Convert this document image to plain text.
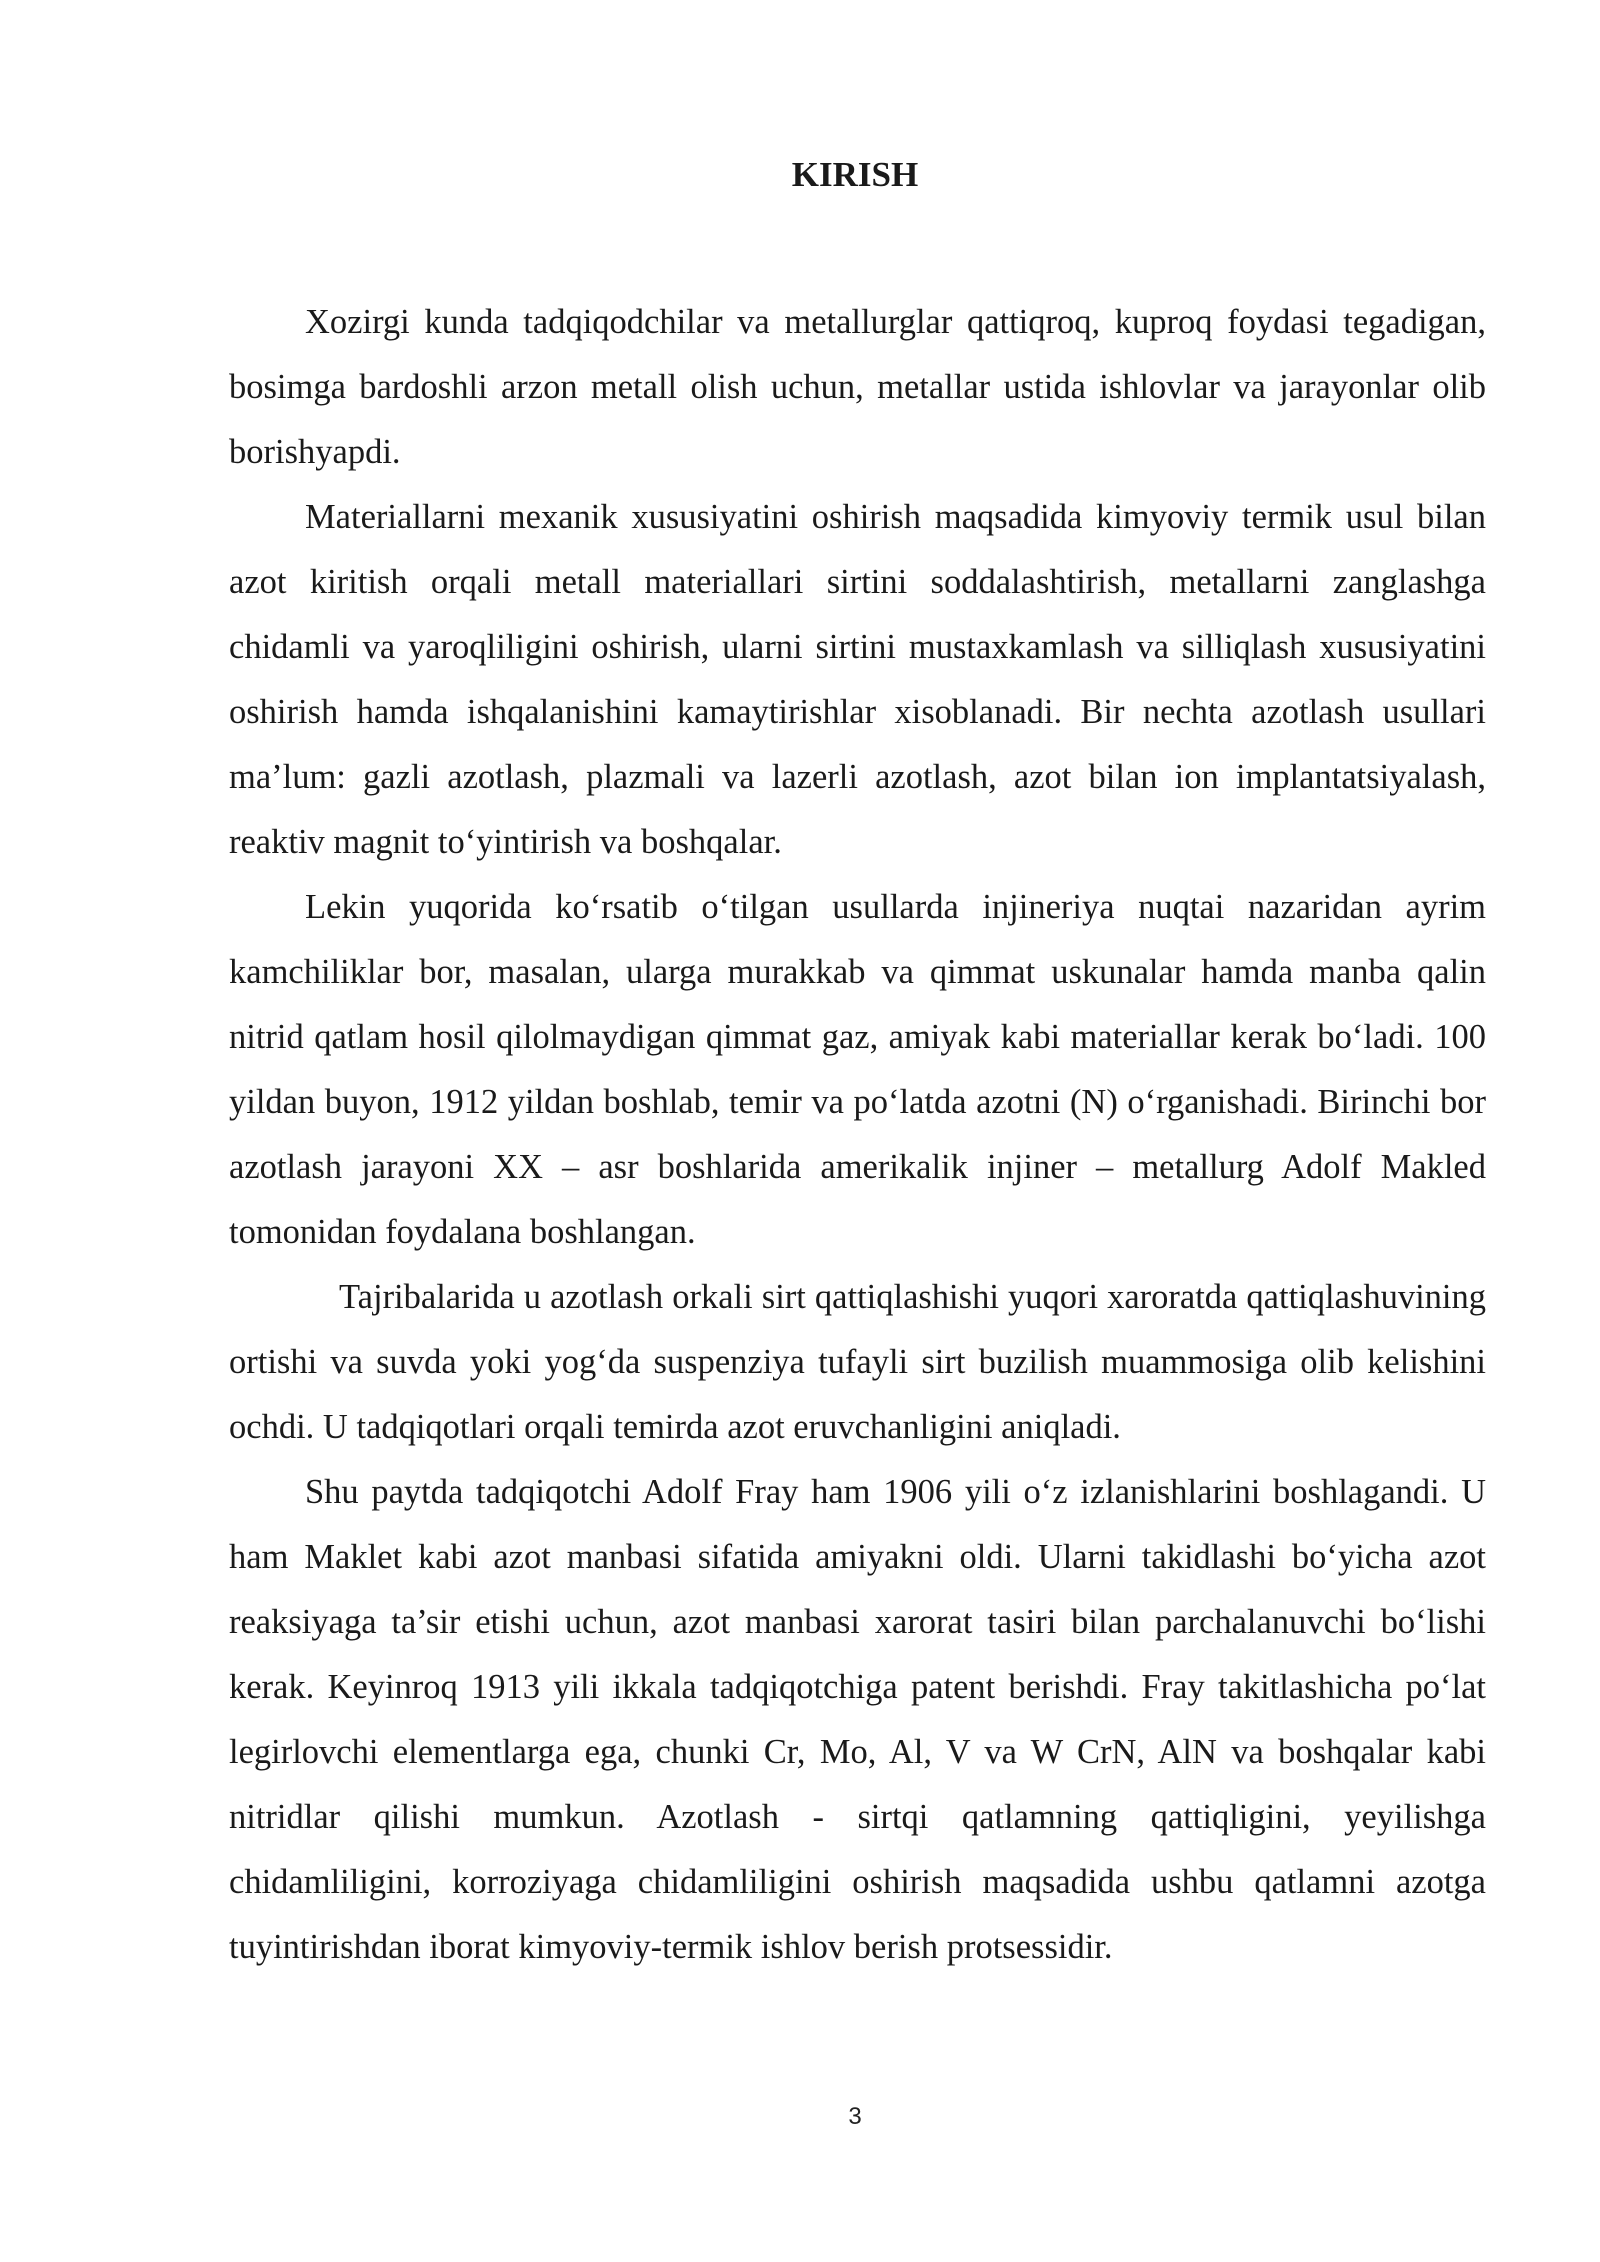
KIRISH

Xozirgi kunda tadqiqodchilar va metallurglar qattiqroq, kuproq foydasi tegadigan, bosimga bardoshli arzon metall olish uchun, metallar ustida ishlovlar va jarayonlar olib borishyapdi.

Materiallarni mexanik xususiyatini oshirish maqsadida kimyoviy termik usul bilan azot kiritish orqali metall materiallari sirtini soddalashtirish, metallarni zanglashga chidamli va yaroqliligini oshirish, ularni sirtini mustaxkamlash va silliqlash xususiyatini oshirish hamda ishqalanishini kamaytirishlar xisoblanadi. Bir nechta azotlash usullari ma’lum: gazli azotlash, plazmali va lazerli azotlash, azot bilan ion implantatsiyalash, reaktiv magnit to‘yintirish va boshqalar.

Lekin yuqorida ko‘rsatib o‘tilgan usullarda injineriya nuqtai nazaridan ayrim kamchiliklar bor, masalan, ularga murakkab va qimmat uskunalar hamda manba qalin nitrid qatlam hosil qilolmaydigan qimmat gaz, amiyak kabi materiallar kerak bo‘ladi. 100 yildan buyon, 1912 yildan boshlab, temir va po‘latda azotni (N) o‘rganishadi. Birinchi bor azotlash jarayoni XX – asr boshlarida amerikalik injiner – metallurg Adolf Makled tomonidan foydalana boshlangan.

Tajribalarida u azotlash orkali sirt qattiqlashishi yuqori xaroratda qattiqlashuvining ortishi va suvda yoki yog‘da suspenziya tufayli sirt buzilish muammosiga olib kelishini ochdi. U tadqiqotlari orqali temirda azot eruvchanligini aniqladi.

Shu paytda tadqiqotchi Adolf Fray ham 1906 yili o‘z izlanishlarini boshlagandi. U ham Maklet kabi azot manbasi sifatida amiyakni oldi. Ularni takidlashi bo‘yicha azot reaksiyaga ta’sir etishi uchun, azot manbasi xarorat tasiri bilan parchalanuvchi bo‘lishi kerak. Keyinroq 1913 yili ikkala tadqiqotchiga patent berishdi. Fray takitlashicha po‘lat legirlovchi elementlarga ega, chunki Cr, Mo, Al, V va W CrN, AlN va boshqalar kabi nitridlar qilishi mumkun. Azotlash - sirtqi qatlamning qattiqligini, yeyilishga chidamliligini, korroziyaga chidamliligini oshirish maqsadida ushbu qatlamni azotga tuyintirishdan iborat kimyoviy-termik ishlov berish protsessidir.

3
